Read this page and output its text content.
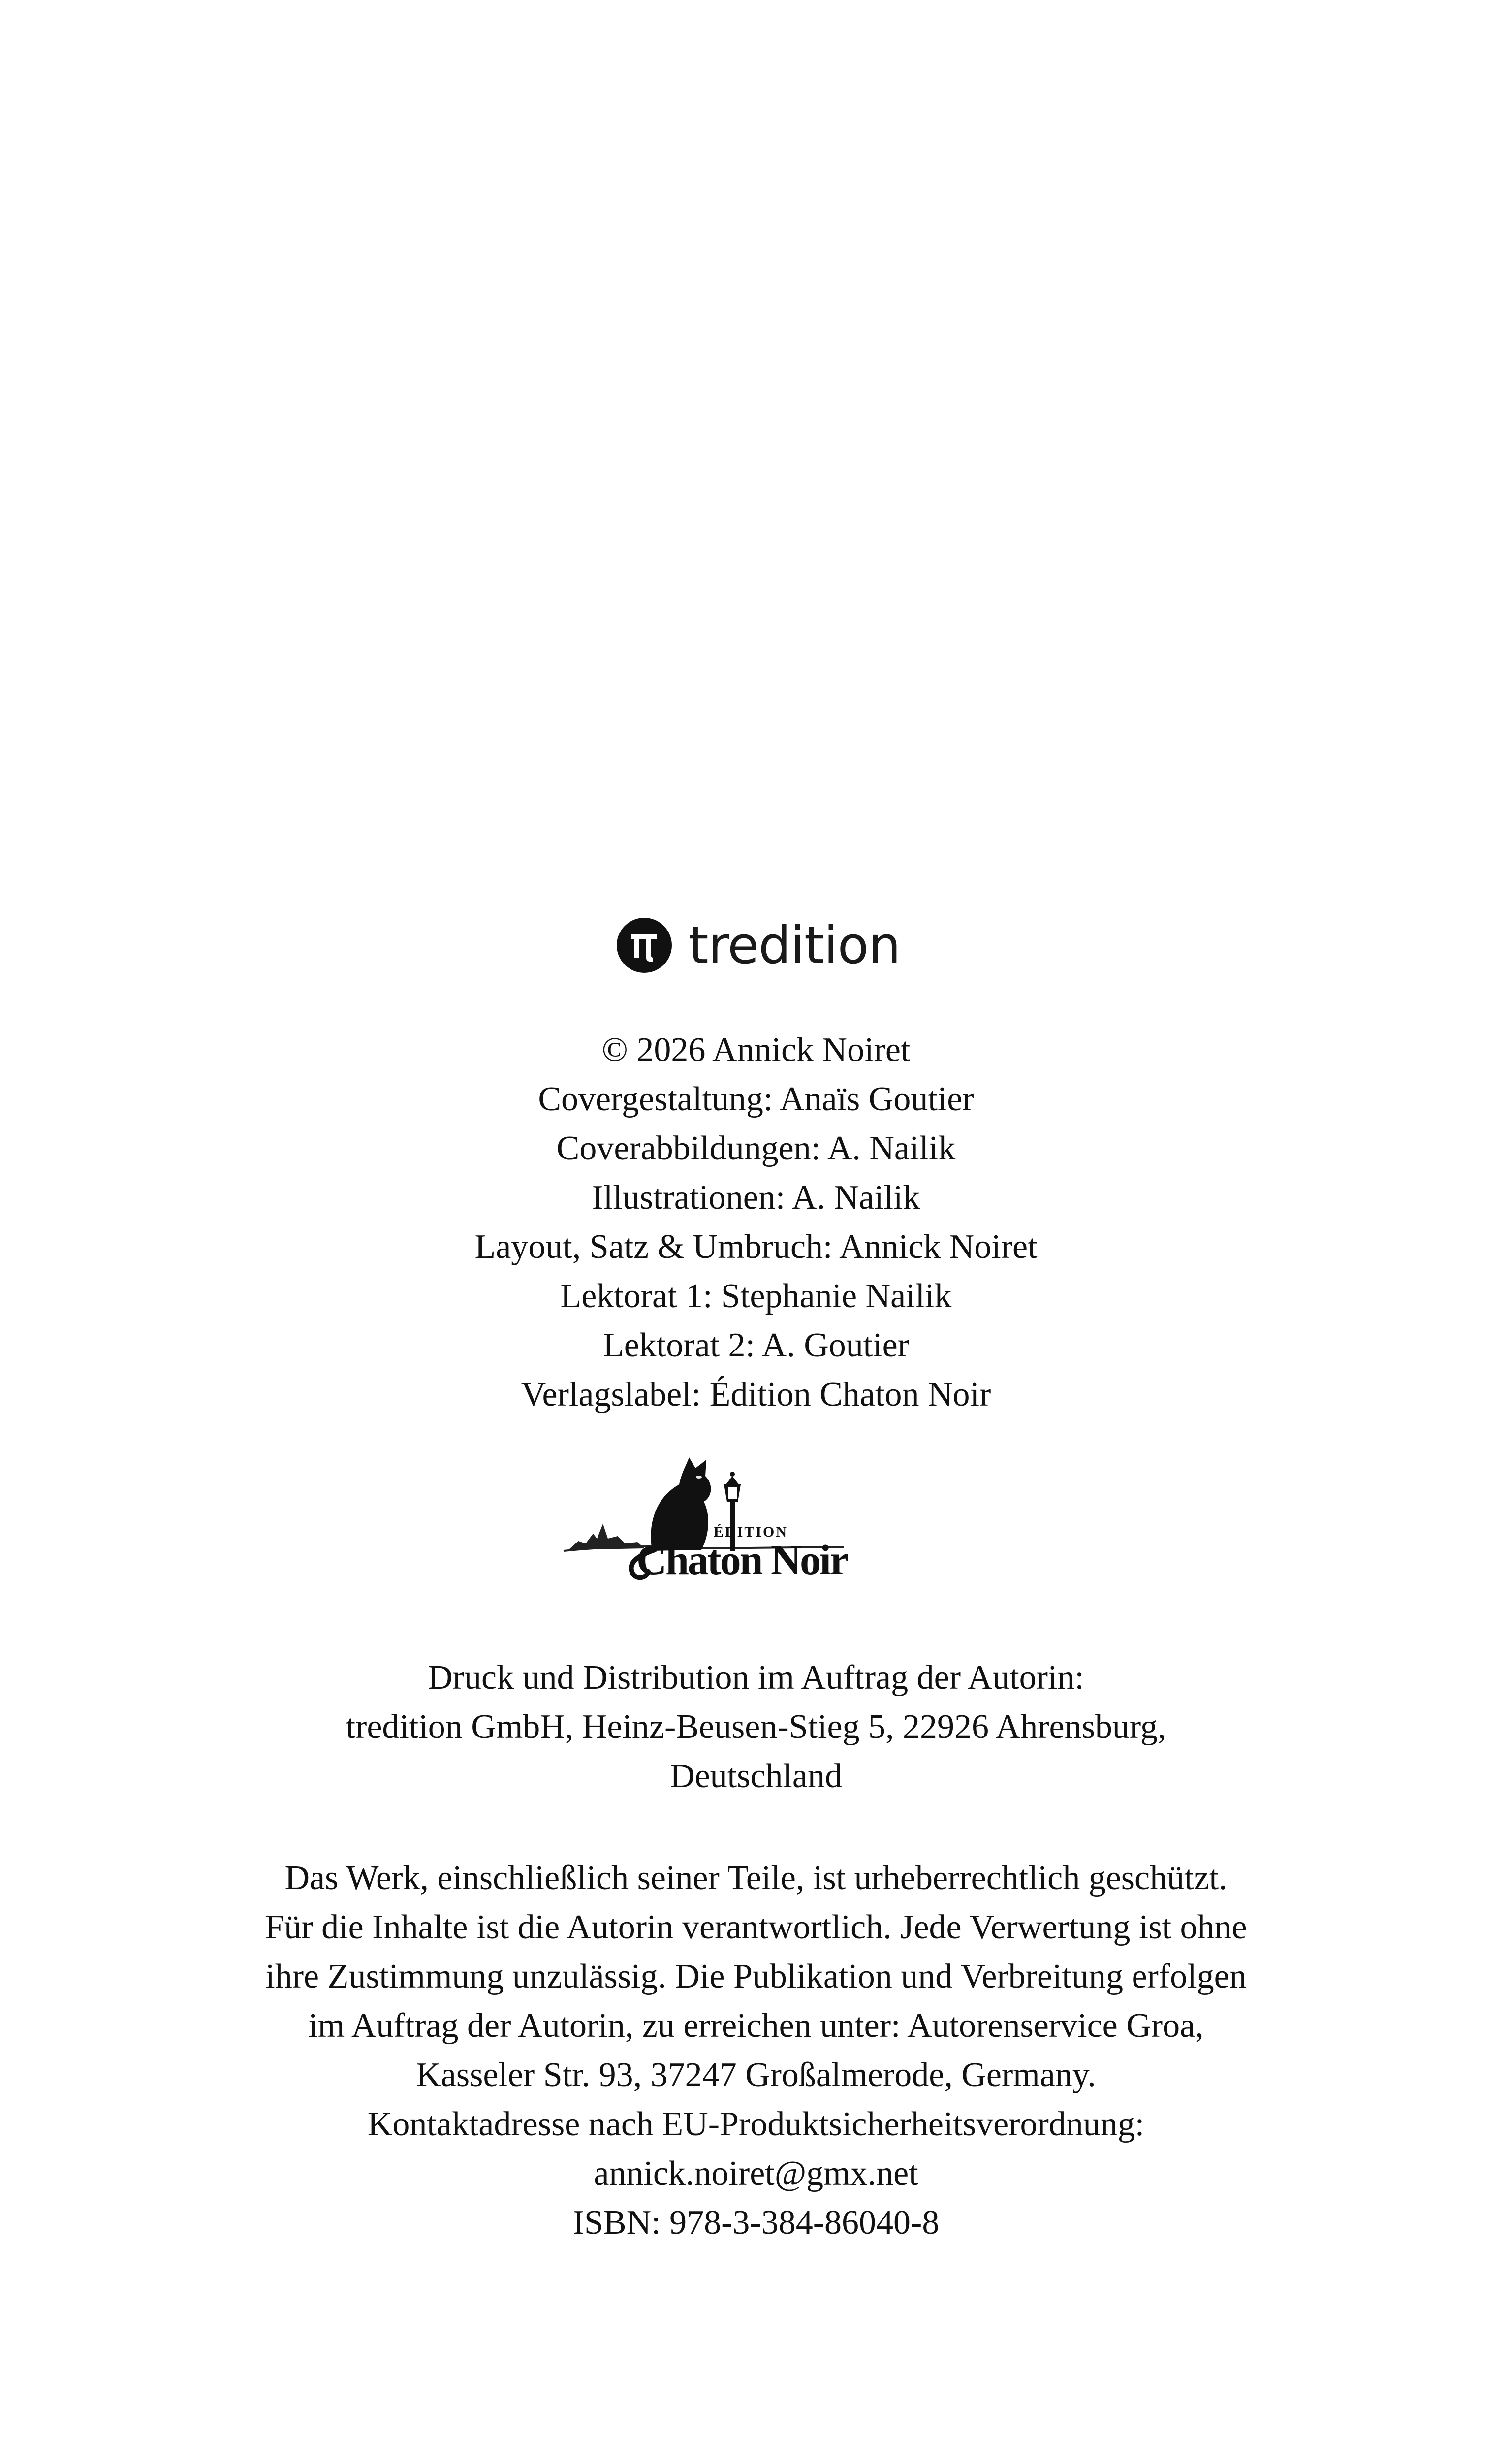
tredition

© 2026 Annick Noiret

Covergestaltung: Anaïs Goutier

Coverabbildungen: A. Nailik

Illustrationen: A. Nailik

Layout, Satz & Umbruch: Annick Noiret

Lektorat 1: Stephanie Nailik

Lektorat 2: A. Goutier

Verlagslabel: Édition Chaton Noir

ÉDITION
Chaton Noir

Druck und Distribution im Auftrag der Autorin:

tredition GmbH, Heinz-Beusen-Stieg 5, 22926 Ahrensburg,

Deutschland

Das Werk, einschließlich seiner Teile, ist urheberrechtlich geschützt.

Für die Inhalte ist die Autorin verantwortlich. Jede Verwertung ist ohne

ihre Zustimmung unzulässig. Die Publikation und Verbreitung erfolgen

im Auftrag der Autorin, zu erreichen unter: Autorenservice Groa,

Kasseler Str. 93, 37247 Großalmerode, Germany.

Kontaktadresse nach EU-Produktsicherheitsverordnung:

annick.noiret@gmx.net

ISBN: 978-3-384-86040-8
